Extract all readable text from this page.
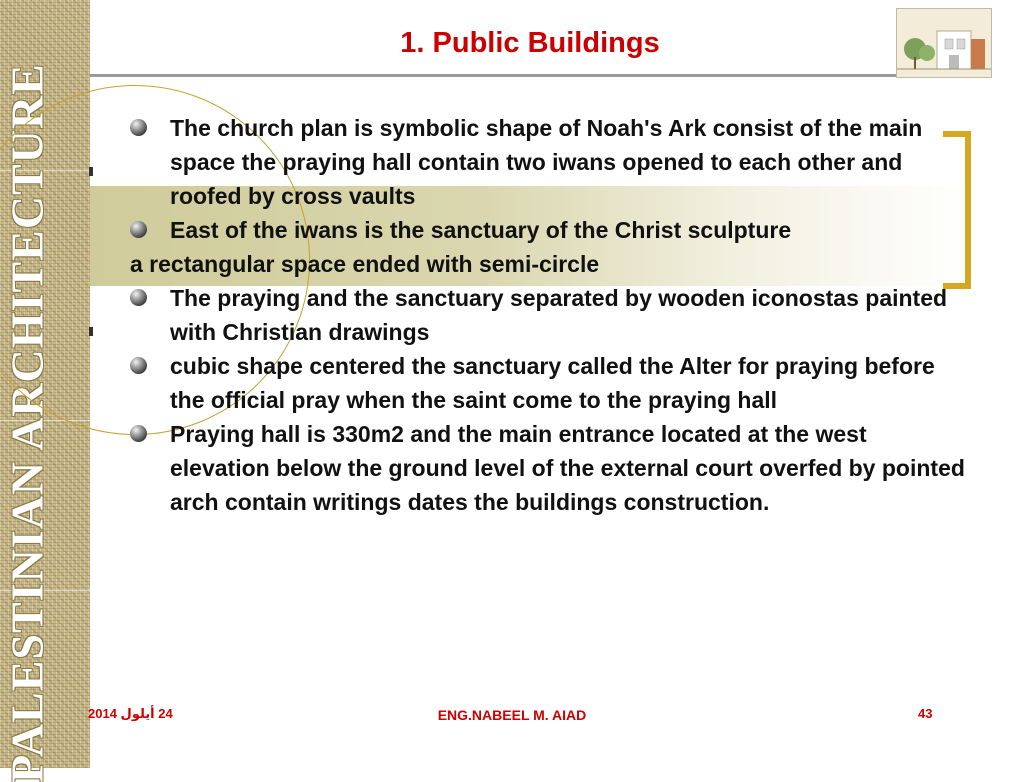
PALESTINIAN ARCHITECTURE
1. Public Buildings
The church plan is symbolic shape of Noah's Ark consist of the main space the praying hall contain two iwans opened to each other and roofed by cross vaults
East of the iwans is the sanctuary of the Christ sculpture
a rectangular space ended with semi-circle
The praying and the sanctuary separated by wooden iconostas painted with Christian drawings
cubic shape centered the sanctuary called the Alter for praying before the official pray when the saint come to the praying hall
Praying hall is 330m2 and the main entrance located at the west elevation below the ground level of the external court overfed by pointed arch contain writings dates the buildings construction.
24 أيلول 2014	ENG.NABEEL M. AIAD	43
